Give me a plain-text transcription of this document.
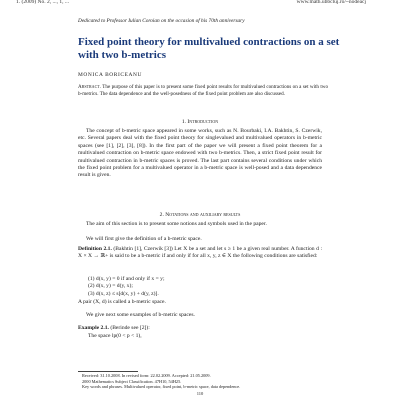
1. (2009) No. 2, ..., 1, ...	www.math.ubbcluj.ro/~nodeacj
Dedicated to Professor Iulian Coroian on the occasion of his 70th anniversary
Fixed point theory for multivalued contractions on a set with two b-metrics
MONICA BORICEANU
Abstract. The purpose of this paper is to present some fixed point results for multivalued contractions on a set with two b-metrics. The data dependence and the well-posedness of the fixed point problem are also discussed.
1. Introduction
The concept of b-metric space appeared in some works, such as N. Bourbaki, I.A. Bakhtin, S. Czerwik, etc. Several papers deal with the fixed point theory for singlevalued and multivalued operators in b-metric spaces (see [1], [2], [3], [8]). In the first part of the paper we will present a fixed point theorem for a multivalued contraction on b-metric space endowed with two b-metrics. Then, a strict fixed point result for multivalued contraction in b-metric spaces is proved. The last part contains several conditions under which the fixed point problem for a multivalued operator in a b-metric space is well-posed and a data dependence result is given.
2. Notations and auxiliary results
The aim of this section is to present some notions and symbols used in the paper.
We will first give the definition of a b-metric space.
Definition 2.1. (Bakhtin [1], Czerwik [3]) Let X be a set and let s ≥ 1 be a given real number. A function d : X × X → ℝ+ is said to be a b-metric if and only if for all x, y, z ∈ X the following conditions are satisfied:
(1) d(x, y) = 0 if and only if x = y;
(2) d(x, y) = d(y, x);
(3) d(x, z) ≤ s[d(x, y) + d(y, z)].
A pair (X, d) is called a b-metric space.
We give next some examples of b-metric spaces.
Example 2.1. (Berinde see [2]):
The space lp(0 < p < 1),
Received: 31.10.2008. In revised form: 22.02.2009. Accepted: 21.05.2009.
2000 Mathematics Subject Classification. 47H10, 54H25.
Key words and phrases. Multivalued operator, fixed point, b-metric space, data dependence.
110
